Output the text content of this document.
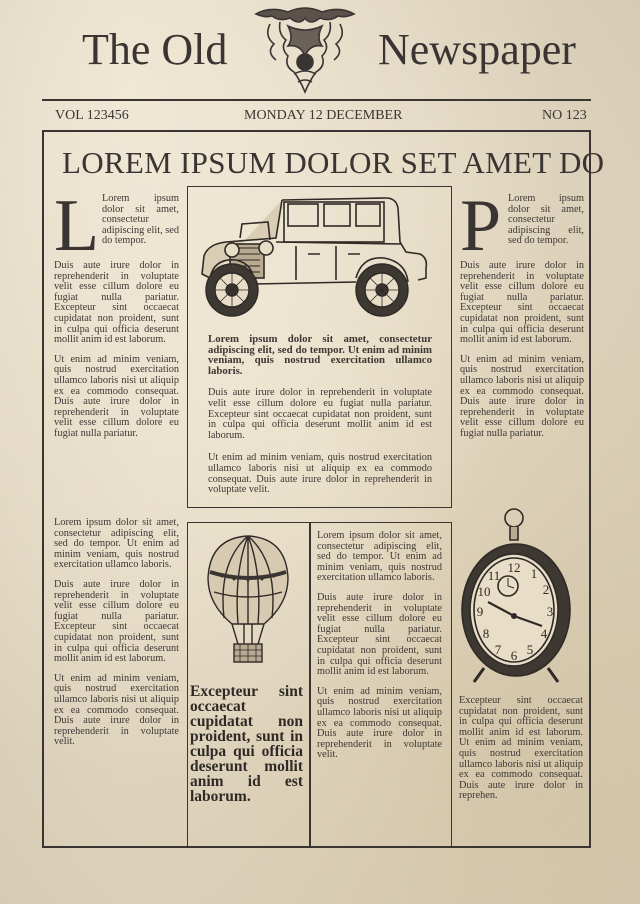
The Old	Newspaper
VOL 123456	MONDAY 12 DECEMBER	NO 123
LOREM IPSUM DOLOR SET AMET DO
L Lorem ipsum dolor sit amet, consectetur adipiscing elit, sed do tempor.

Duis aute irure dolor in reprehenderit in voluptate velit esse cillum dolore eu fugiat nulla pariatur. Excepteur sint occaecat cupidatat non proident, sunt in culpa qui officia deserunt mollit anim id est laborum.

Ut enim ad minim veniam, quis nostrud exercitation ullamco laboris nisi ut aliquip ex ea commodo consequat. Duis aute irure dolor in reprehenderit in voluptate velit esse cillum dolore eu fugiat nulla pariatur.

Lorem ipsum dolor sit amet, consectetur adipiscing elit, sed do tempor. Ut enim ad minim veniam, quis nostrud exercitation ullamco laboris.

Duis aute irure dolor in reprehenderit in voluptate velit esse cillum dolore eu fugiat nulla pariatur. Excepteur sint occaecat cupidatat non proident, sunt in culpa qui officia deserunt mollit anim id est laborum.

Ut enim ad minim veniam, quis nostrud exercitation ullamco laboris nisi ut aliquip ex ea commodo consequat. Duis aute irure dolor in reprehenderit in voluptate velit.

P Lorem ipsum dolor sit amet, consectetur adipiscing elit, sed do tempor.

Duis aute irure dolor in reprehenderit in voluptate velit esse cillum dolore eu fugiat nulla pariatur. Excepteur sint occaecat cupidatat non proident, sunt in culpa qui officia deserunt mollit anim id est laborum.

Ut enim ad minim veniam, quis nostrud exercitation ullamco laboris nisi ut aliquip ex ea commodo consequat. Duis aute irure dolor in reprehenderit in voluptate velit esse cillum dolore eu fugiat nulla pariatur.

Lorem ipsum dolor sit amet, consectetur adipiscing elit, sed do tempor. Ut enim ad minim veniam, quis nostrud exercitation ullamco laboris.

Duis aute irure dolor in reprehenderit in voluptate velit esse cillum dolore eu fugiat nulla pariatur. Excepteur sint occaecat cupidatat non proident, sunt in culpa qui officia deserunt mollit anim id est laborum.

Ut enim ad minim veniam, quis nostrud exercitation ullamco laboris nisi ut aliquip ex ea commodo consequat. Duis aute irure dolor in reprehenderit in voluptate velit.

Excepteur sint occaecat cupidatat non proident, sunt in culpa qui officia deserunt mollit anim id est laborum.

Lorem ipsum dolor sit amet, consectetur adipiscing elit, sed do tempor. Ut enim ad minim veniam, quis nostrud exercitation ullamco laboris.

Duis aute irure dolor in reprehenderit in voluptate velit esse cillum dolore eu fugiat nulla pariatur. Excepteur sint occaecat cupidatat non proident, sunt in culpa qui officia deserunt mollit anim id est laborum.

Ut enim ad minim veniam, quis nostrud exercitation ullamco laboris nisi ut aliquip ex ea commodo consequat. Duis aute irure dolor in reprehenderit in voluptate velit.

12 1
2
3
4
5
6
7
8
9
10
11

Excepteur sint occaecat cupidatat non proident, sunt in culpa qui officia deserunt mollit anim id est laborum. Ut enim ad minim veniam, quis nostrud exercitation ullamco laboris nisi ut aliquip ex ea commodo consequat. Duis aute irure dolor in reprehen.
